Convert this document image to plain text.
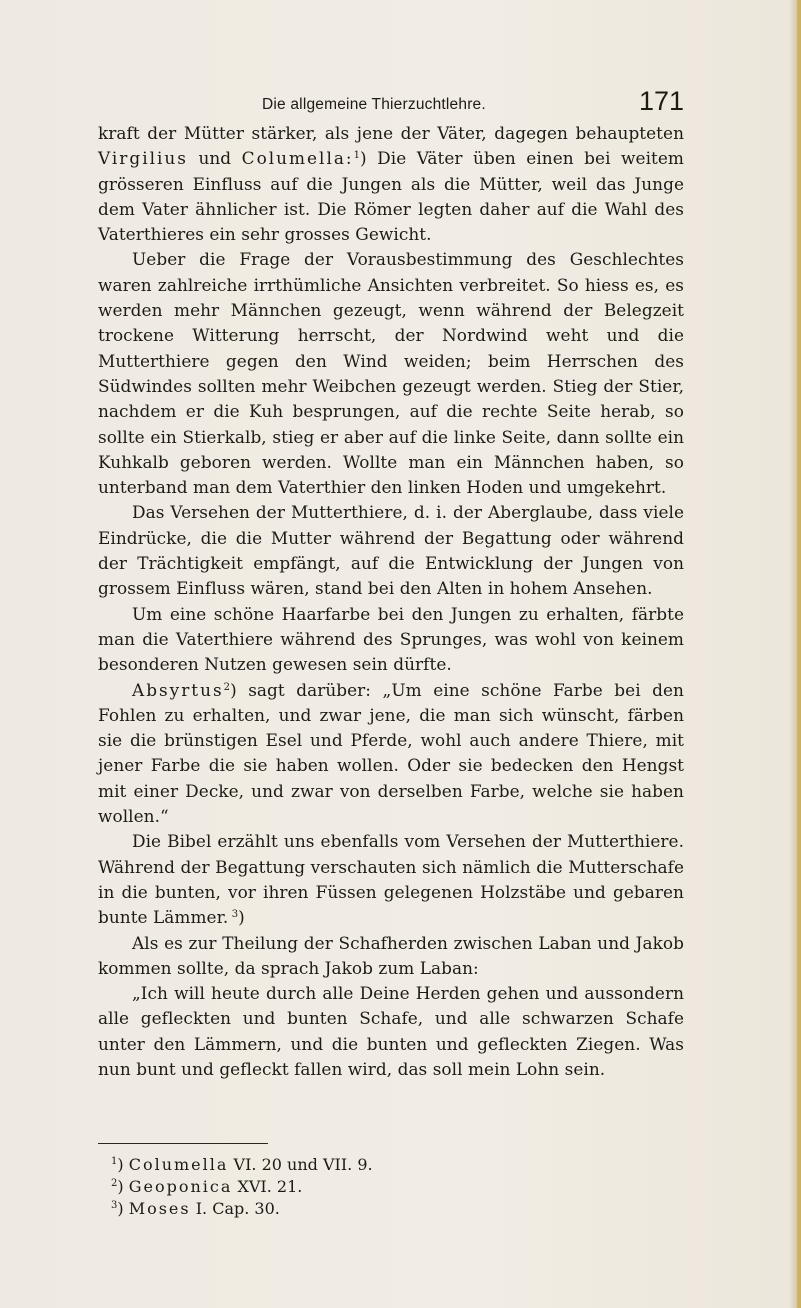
Die allgemeine Thierzuchtlehre.	171

kraft der Mütter stärker, als jene der Väter, dagegen behaupteten Virgilius und Columella:$^1$) Die Väter üben einen bei weitem grösseren Einfluss auf die Jungen als die Mütter, weil das Junge dem Vater ähnlicher ist. Die Römer legten daher auf die Wahl des Vaterthieres ein sehr grosses Gewicht.

Ueber die Frage der Vorausbestimmung des Geschlechtes waren zahlreiche irrthümliche Ansichten verbreitet. So hiess es, es werden mehr Männchen gezeugt, wenn während der Belegzeit trockene Witterung herrscht, der Nordwind weht und die Mutterthiere gegen den Wind weiden; beim Herrschen des Südwindes sollten mehr Weibchen gezeugt werden. Stieg der Stier, nachdem er die Kuh besprungen, auf die rechte Seite herab, so sollte ein Stierkalb, stieg er aber auf die linke Seite, dann sollte ein Kuhkalb geboren werden. Wollte man ein Männchen haben, so unterband man dem Vaterthier den linken Hoden und umgekehrt.

Das Versehen der Mutterthiere, d. i. der Aberglaube, dass viele Eindrücke, die die Mutter während der Begattung oder während der Trächtigkeit empfängt, auf die Entwicklung der Jungen von grossem Einfluss wären, stand bei den Alten in hohem Ansehen.

Um eine schöne Haarfarbe bei den Jungen zu erhalten, färbte man die Vaterthiere während des Sprunges, was wohl von keinem besonderen Nutzen gewesen sein dürfte.

Absyrtus$^2$) sagt darüber: „Um eine schöne Farbe bei den Fohlen zu erhalten, und zwar jene, die man sich wünscht, färben sie die brünstigen Esel und Pferde, wohl auch andere Thiere, mit jener Farbe die sie haben wollen. Oder sie bedecken den Hengst mit einer Decke, und zwar von derselben Farbe, welche sie haben wollen.“

Die Bibel erzählt uns ebenfalls vom Versehen der Mutterthiere. Während der Begattung verschauten sich nämlich die Mutterschafe in die bunten, vor ihren Füssen gelegenen Holzstäbe und gebaren bunte Lämmer.  $^3$)

Als es zur Theilung der Schafherden zwischen Laban und Jakob kommen sollte, da sprach Jakob zum Laban:

„Ich will heute durch alle Deine Herden gehen und aussondern alle gefleckten und bunten Schafe, und alle schwarzen Schafe unter den Lämmern, und die bunten und gefleckten Ziegen. Was nun bunt und gefleckt fallen wird, das soll mein Lohn sein.

$^1$) Columella VI. 20 und VII. 9.
$^2$) Geoponica XVI. 21.
$^3$) Moses I. Cap. 30.
